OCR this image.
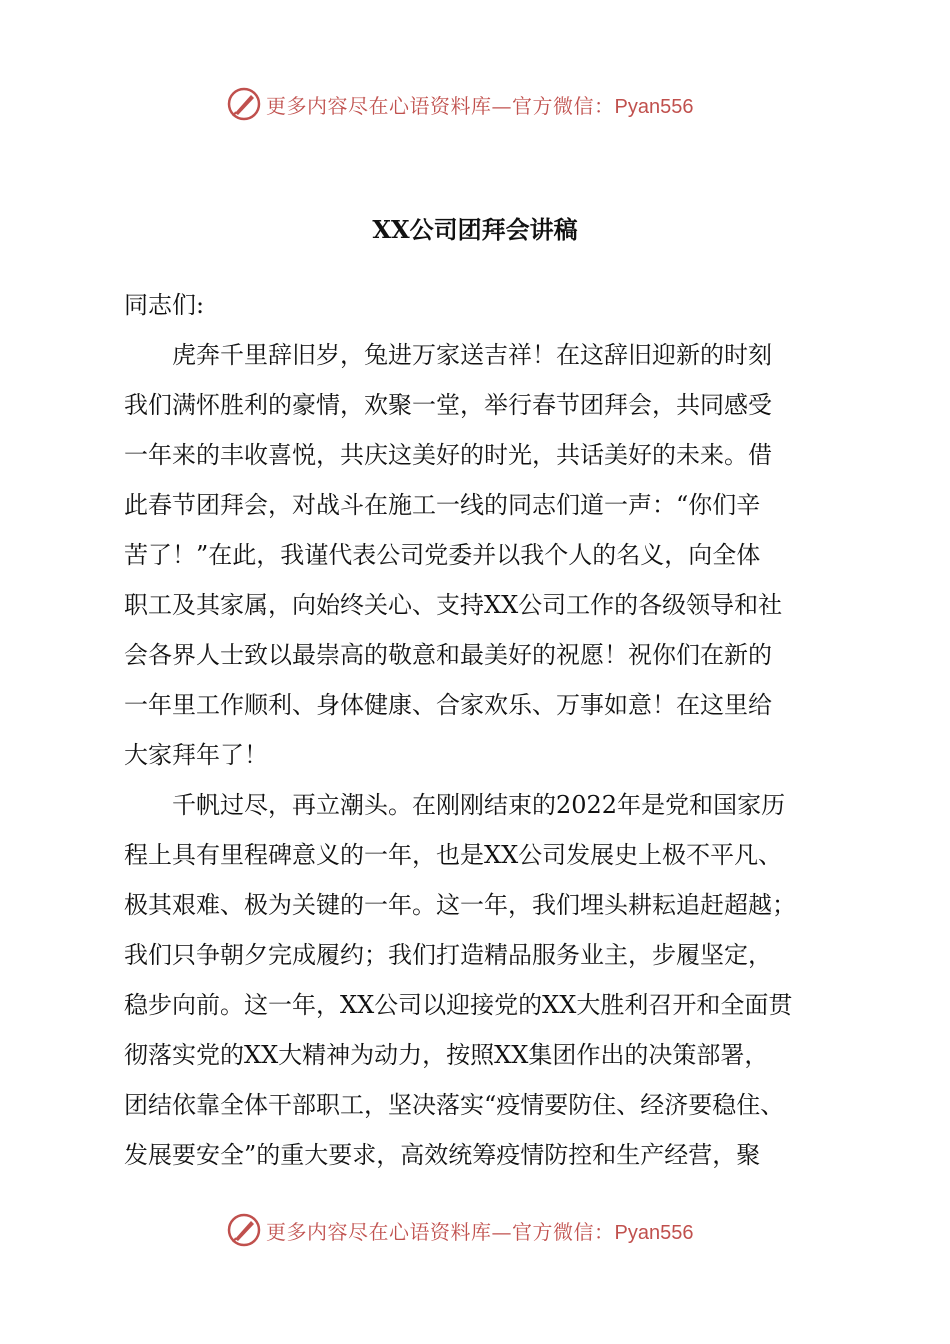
更多内容尽在心语资料库—官方微信：Pyan556
XX公司团拜会讲稿
同志们:
　　虎奔千里辞旧岁，兔进万家送吉祥！在这辞旧迎新的时刻
我们满怀胜利的豪情，欢聚一堂，举行春节团拜会，共同感受
一年来的丰收喜悦，共庆这美好的时光，共话美好的未来。借
此春节团拜会，对战斗在施工一线的同志们道一声：“你们辛
苦了！”在此，我谨代表公司党委并以我个人的名义，向全体
职工及其家属，向始终关心、支持XX公司工作的各级领导和社
会各界人士致以最崇高的敬意和最美好的祝愿！祝你们在新的
一年里工作顺利、身体健康、合家欢乐、万事如意！在这里给
大家拜年了！
　　千帆过尽，再立潮头。在刚刚结束的2022年是党和国家历
程上具有里程碑意义的一年，也是XX公司发展史上极不平凡、
极其艰难、极为关键的一年。这一年，我们埋头耕耘追赶超越；
我们只争朝夕完成履约；我们打造精品服务业主，步履坚定，
稳步向前。这一年，XX公司以迎接党的XX大胜利召开和全面贯
彻落实党的XX大精神为动力，按照XX集团作出的决策部署，
团结依靠全体干部职工，坚决落实“疫情要防住、经济要稳住、
发展要安全”的重大要求，高效统筹疫情防控和生产经营，聚
更多内容尽在心语资料库—官方微信：Pyan556
